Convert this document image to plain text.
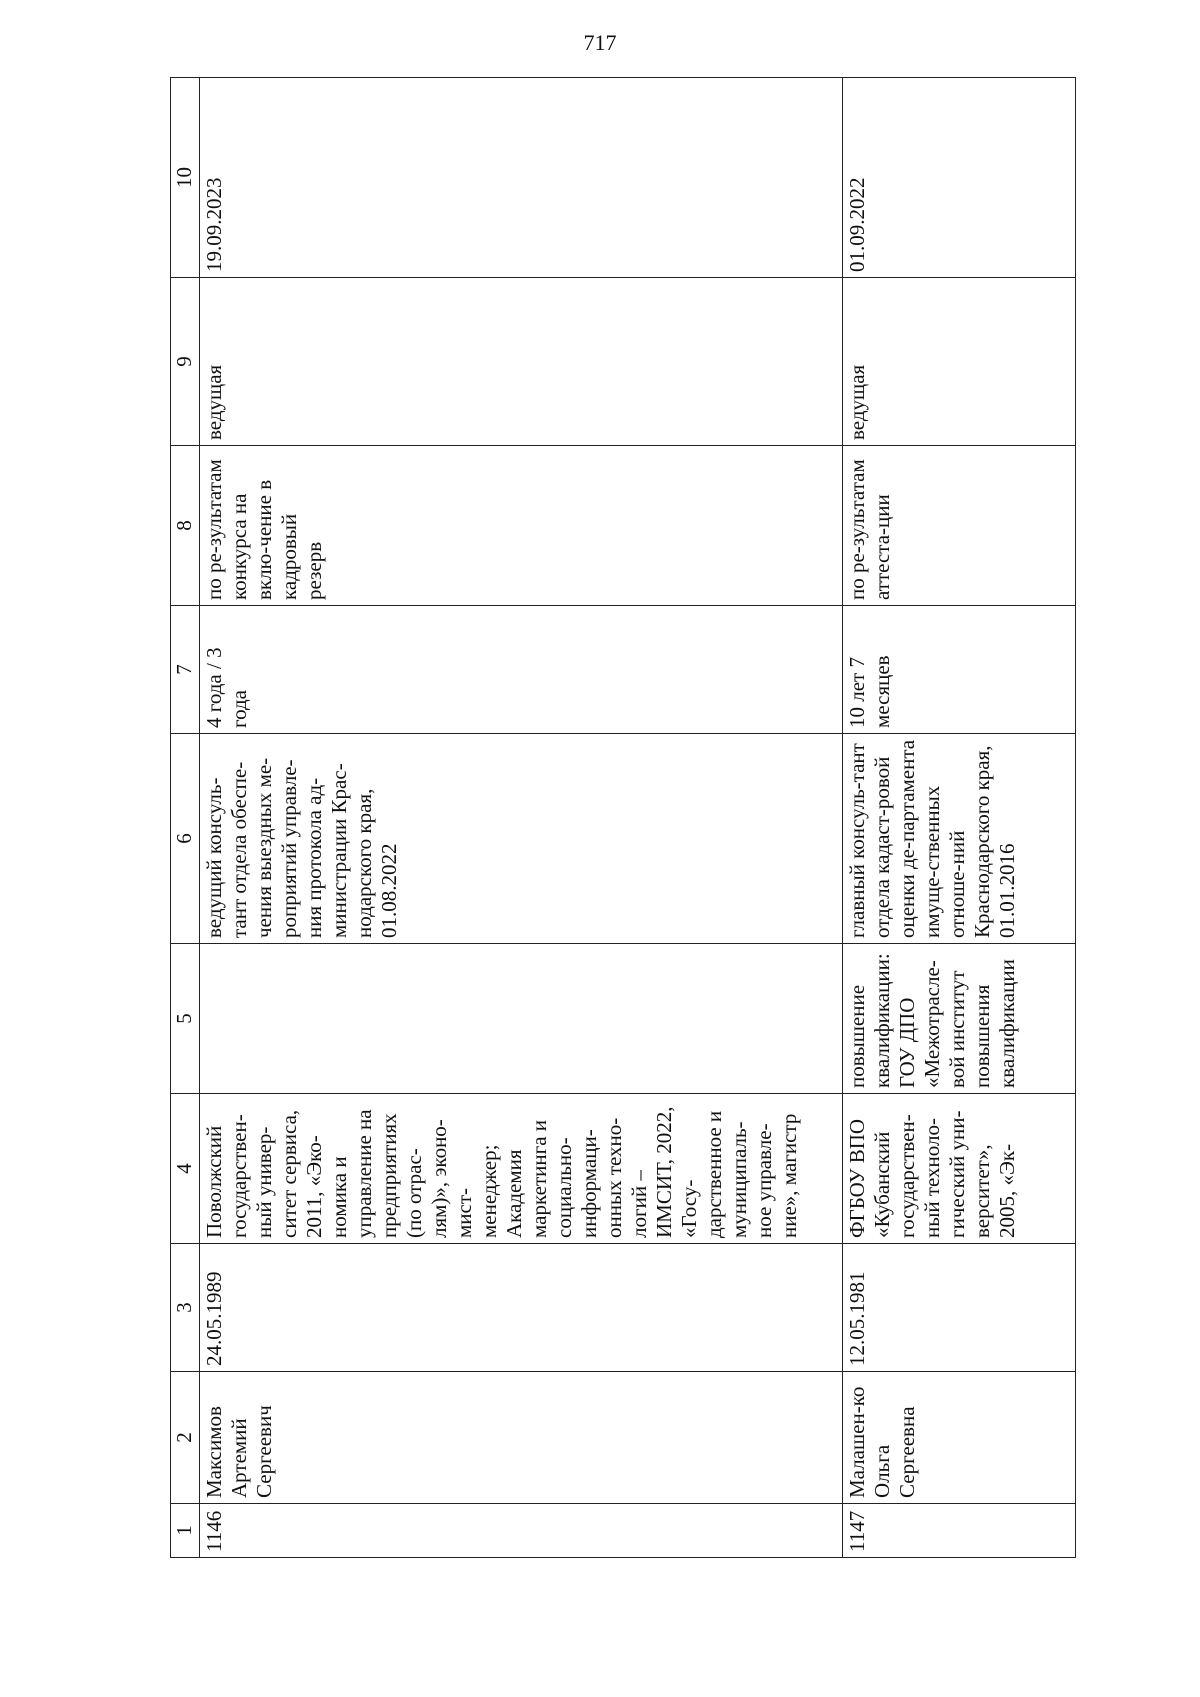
717
1	2	3	4	5	6	7	8	9	10
1146	Максимов Артемий Сергеевич	24.05.1989	Поволжский государствен-ный универ-ситет сервиса, 2011, «Эко-номика и управление на предприятиях (по отрас-лям)», эконо-мист-менеджер; Академия маркетинга и социально-информаци-онных техно-логий – ИМСИТ, 2022, «Госу-дарственное и муниципаль-ное управле-ние», магистр		ведущий консуль-тант отдела обеспе-чения выездных ме-роприятий управле-ния протокола ад-министрации Крас-нодарского края, 01.08.2022	4 года / 3 года	по ре-зультатам конкурса на вклю-чение в кадровый резерв	ведущая	19.09.2023

1147	Малашен-ко Ольга Сергеевна	12.05.1981	ФГБОУ ВПО «Кубанский государствен-ный техноло-гический уни-верситет», 2005, «Эк-	повышение квалификации: ГОУ ДПО «Межотрасле-вой институт повышения квалификации	главный консуль-тант отдела кадаст-ровой оценки де-партамента имуще-ственных отноше-ний Краснодарского края, 01.01.2016	10 лет 7 месяцев	по ре-зультатам аттеста-ции	ведущая	01.09.2022
